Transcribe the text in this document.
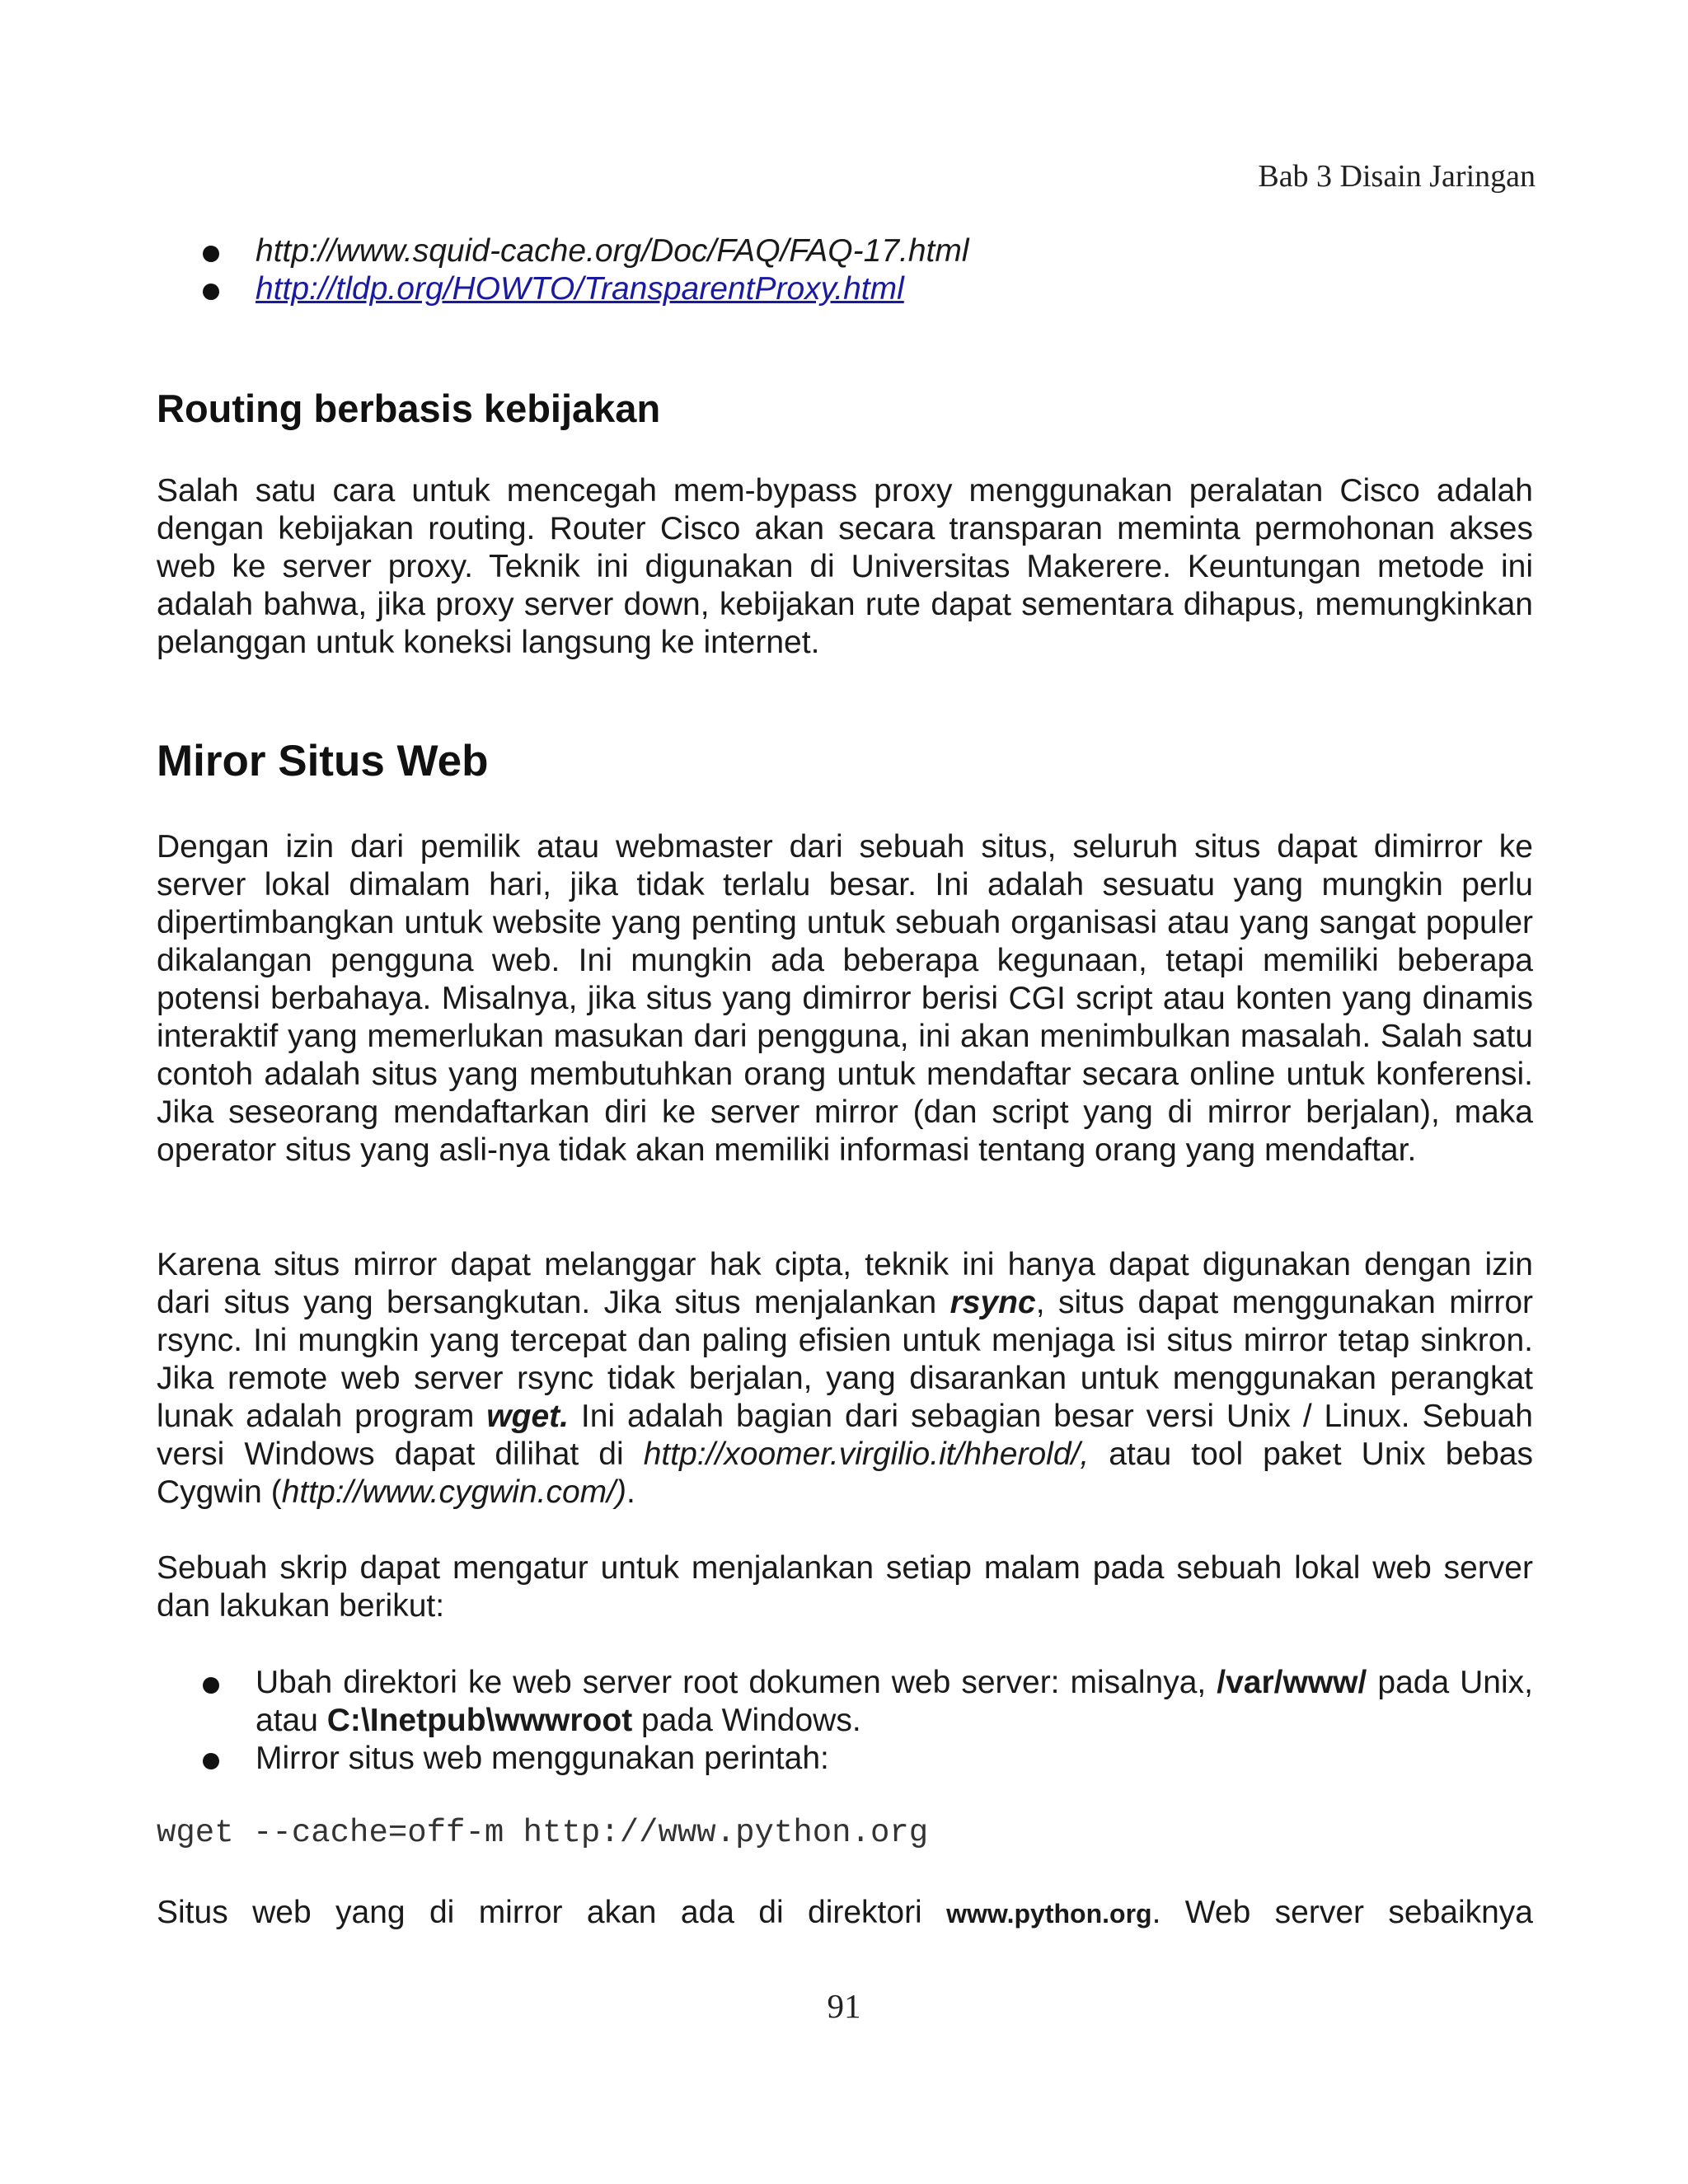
Bab 3 Disain Jaringan
http://www.squid-cache.org/Doc/FAQ/FAQ-17.html
http://tldp.org/HOWTO/TransparentProxy.html
Routing berbasis kebijakan

Salah satu cara untuk mencegah mem-bypass proxy menggunakan peralatan Cisco adalah dengan kebijakan routing. Router Cisco akan secara transparan meminta permohonan akses web ke server proxy. Teknik ini digunakan di Universitas Makerere. Keuntungan metode ini adalah bahwa, jika proxy server down, kebijakan rute dapat sementara dihapus, memungkinkan pelanggan untuk koneksi langsung ke internet.

Miror Situs Web

Dengan izin dari pemilik atau webmaster dari sebuah situs, seluruh situs dapat dimirror ke server lokal dimalam hari, jika tidak terlalu besar. Ini adalah sesuatu yang mungkin perlu dipertimbangkan untuk website yang penting untuk sebuah organisasi atau yang sangat populer dikalangan pengguna web. Ini mungkin ada beberapa kegunaan, tetapi memiliki beberapa potensi berbahaya. Misalnya, jika situs yang dimirror berisi CGI script atau konten yang dinamis interaktif yang memerlukan masukan dari pengguna, ini akan menimbulkan masalah. Salah satu contoh adalah situs yang membutuhkan orang untuk mendaftar secara online untuk konferensi. Jika seseorang mendaftarkan diri ke server mirror (dan script yang di mirror berjalan), maka operator situs yang asli-nya tidak akan memiliki informasi tentang orang yang mendaftar.

Karena situs mirror dapat melanggar hak cipta, teknik ini hanya dapat digunakan dengan izin dari situs yang bersangkutan. Jika situs menjalankan rsync, situs dapat menggunakan mirror rsync. Ini mungkin yang tercepat dan paling efisien untuk menjaga isi situs mirror tetap sinkron. Jika remote web server rsync tidak berjalan, yang disarankan untuk menggunakan perangkat lunak adalah program wget. Ini adalah bagian dari sebagian besar versi Unix / Linux. Sebuah versi Windows dapat dilihat di http://xoomer.virgilio.it/hherold/, atau tool paket Unix bebas Cygwin (http://www.cygwin.com/).

Sebuah skrip dapat mengatur untuk menjalankan setiap malam pada sebuah lokal web server dan lakukan berikut:

Ubah direktori ke web server root dokumen web server: misalnya, /var/www/ pada Unix, atau C:\Inetpub\wwwroot pada Windows.
Mirror situs web menggunakan perintah:
wget --cache=off-m http://www.python.org

Situs web yang di mirror akan ada di direktori www.python.org. Web server sebaiknya

91
